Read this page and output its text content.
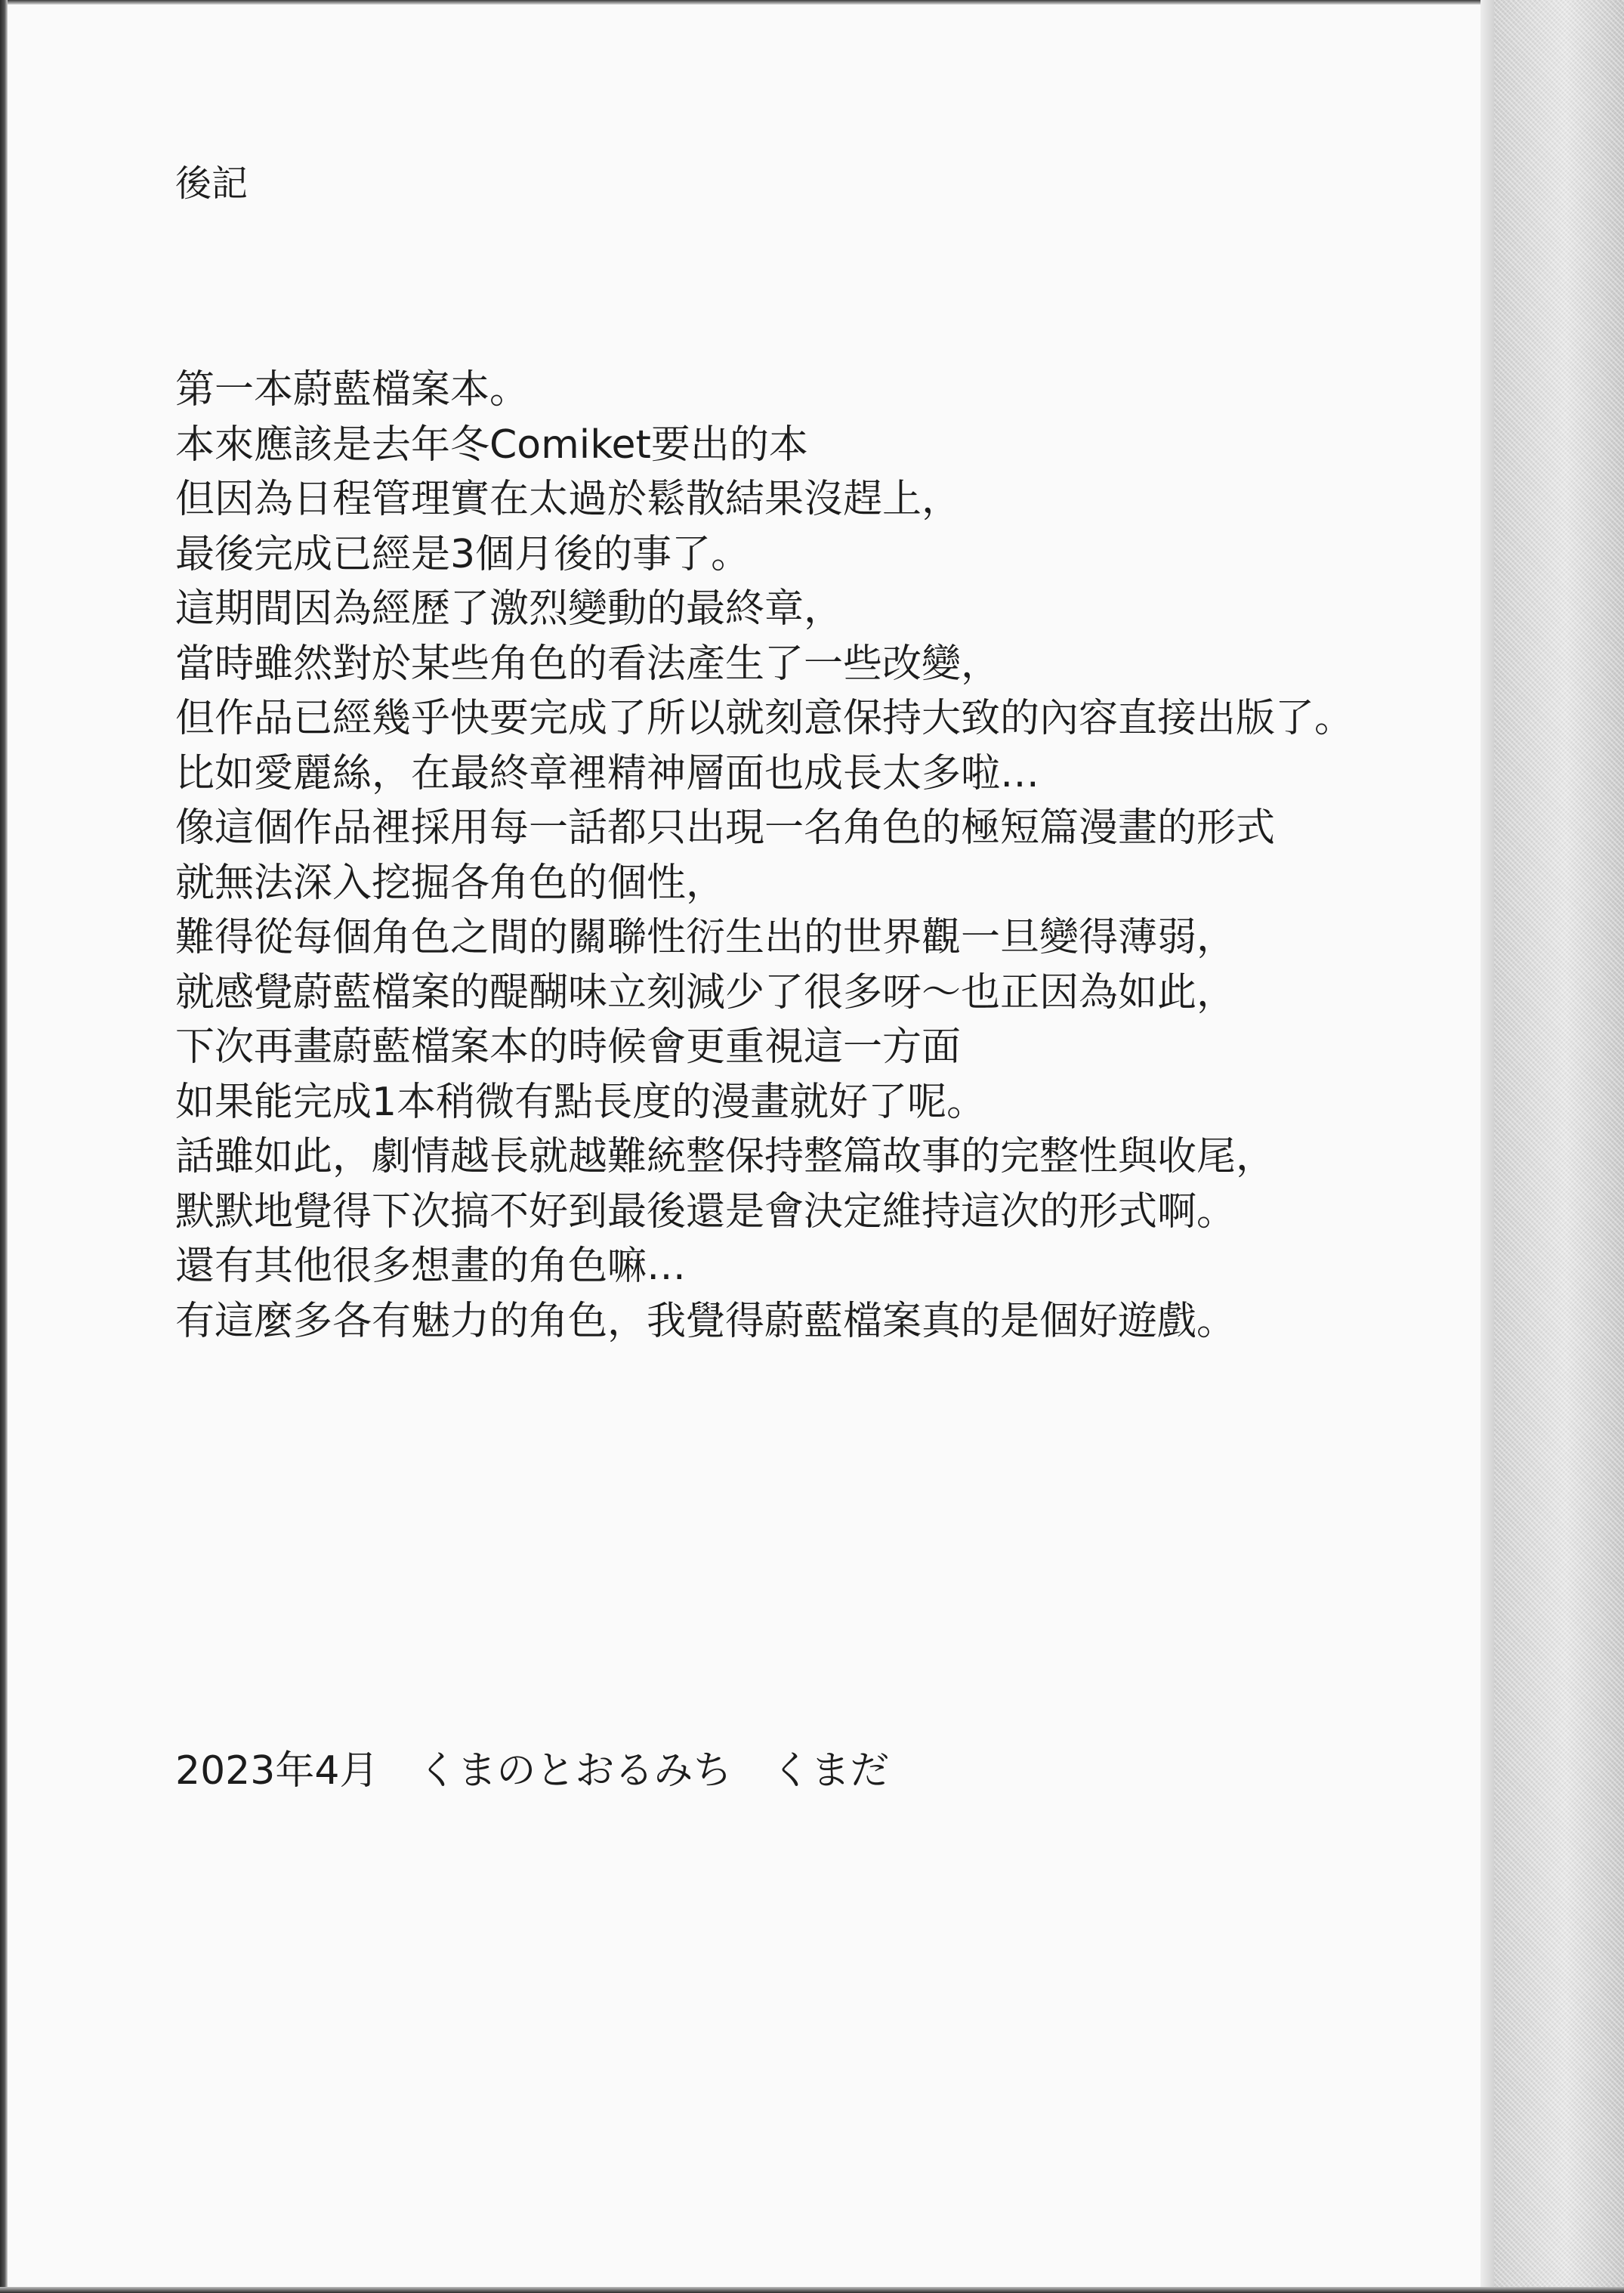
後記
第一本蔚藍檔案本。
本來應該是去年冬Comiket要出的本
但因為日程管理實在太過於鬆散結果沒趕上，
最後完成已經是3個月後的事了。
這期間因為經歷了激烈變動的最終章，
當時雖然對於某些角色的看法產生了一些改變，
但作品已經幾乎快要完成了所以就刻意保持大致的內容直接出版了。
比如愛麗絲，在最終章裡精神層面也成長太多啦…
像這個作品裡採用每一話都只出現一名角色的極短篇漫畫的形式
就無法深入挖掘各角色的個性，
難得從每個角色之間的關聯性衍生出的世界觀一旦變得薄弱，
就感覺蔚藍檔案的醍醐味立刻減少了很多呀～也正因為如此，
下次再畫蔚藍檔案本的時候會更重視這一方面
如果能完成1本稍微有點長度的漫畫就好了呢。
話雖如此，劇情越長就越難統整保持整篇故事的完整性與收尾，
默默地覺得下次搞不好到最後還是會決定維持這次的形式啊。
還有其他很多想畫的角色嘛…
有這麼多各有魅力的角色，我覺得蔚藍檔案真的是個好遊戲。

2023年4月　くまのとおるみち　くまだ
